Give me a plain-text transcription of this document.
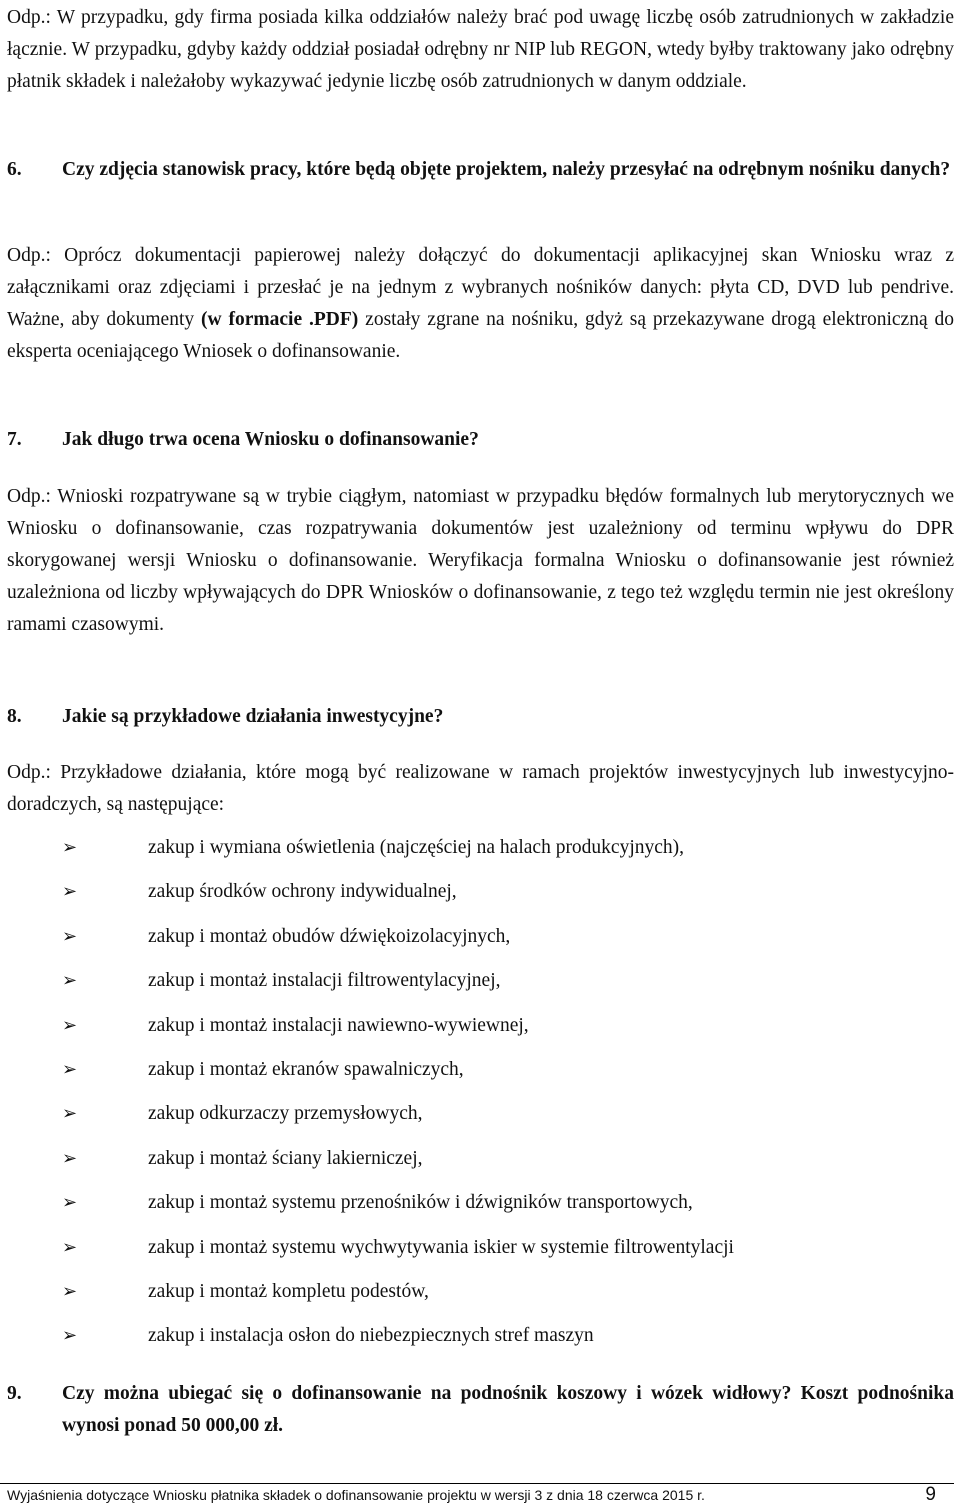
Odp.: W przypadku, gdy firma posiada kilka oddziałów należy brać pod uwagę liczbę osób zatrudnionych w zakładzie łącznie. W przypadku, gdyby każdy oddział posiadał odrębny nr NIP lub REGON, wtedy byłby traktowany jako odrębny płatnik składek i należałoby wykazywać jedynie liczbę osób zatrudnionych w danym oddziale.
6.	Czy zdjęcia stanowisk pracy, które będą objęte projektem, należy przesyłać na odrębnym nośniku danych?
Odp.: Oprócz dokumentacji papierowej należy dołączyć do dokumentacji aplikacyjnej skan Wniosku wraz z załącznikami oraz zdjęciami i przesłać je na jednym z wybranych nośników danych: płyta CD, DVD lub pendrive. Ważne, aby dokumenty (w formacie .PDF) zostały zgrane na nośniku, gdyż są przekazywane drogą elektroniczną do eksperta oceniającego Wniosek o dofinansowanie.
7.	Jak długo trwa ocena Wniosku o dofinansowanie?
Odp.: Wnioski rozpatrywane są w trybie ciągłym, natomiast w przypadku błędów formalnych lub merytorycznych we Wniosku o dofinansowanie, czas rozpatrywania dokumentów jest uzależniony od terminu wpływu do DPR skorygowanej wersji Wniosku o dofinansowanie. Weryfikacja formalna Wniosku o dofinansowanie jest również uzależniona od liczby wpływających do DPR Wniosków o dofinansowanie, z tego też względu termin nie jest określony ramami czasowymi.
8.	Jakie są przykładowe działania inwestycyjne?
Odp.: Przykładowe działania, które mogą być realizowane w ramach projektów inwestycyjnych lub inwestycyjno-doradczych, są następujące:
➢	zakup i wymiana oświetlenia (najczęściej na halach produkcyjnych),
➢	zakup środków ochrony indywidualnej,
➢	zakup i montaż obudów dźwiękoizolacyjnych,
➢	zakup i montaż instalacji filtrowentylacyjnej,
➢	zakup i montaż instalacji nawiewno-wywiewnej,
➢	zakup i montaż ekranów spawalniczych,
➢	zakup odkurzaczy przemysłowych,
➢	zakup i montaż ściany lakierniczej,
➢	zakup i montaż systemu przenośników i dźwigników transportowych,
➢	zakup i montaż systemu wychwytywania iskier w systemie filtrowentylacji
➢	zakup i montaż kompletu podestów,
➢	zakup i instalacja osłon do niebezpiecznych stref maszyn
9.	Czy można ubiegać się o dofinansowanie na podnośnik koszowy i wózek widłowy? Koszt podnośnika wynosi ponad 50 000,00 zł.
Wyjaśnienia dotyczące Wniosku płatnika składek o dofinansowanie projektu w wersji 3 z dnia 18 czerwca 2015 r.	9
